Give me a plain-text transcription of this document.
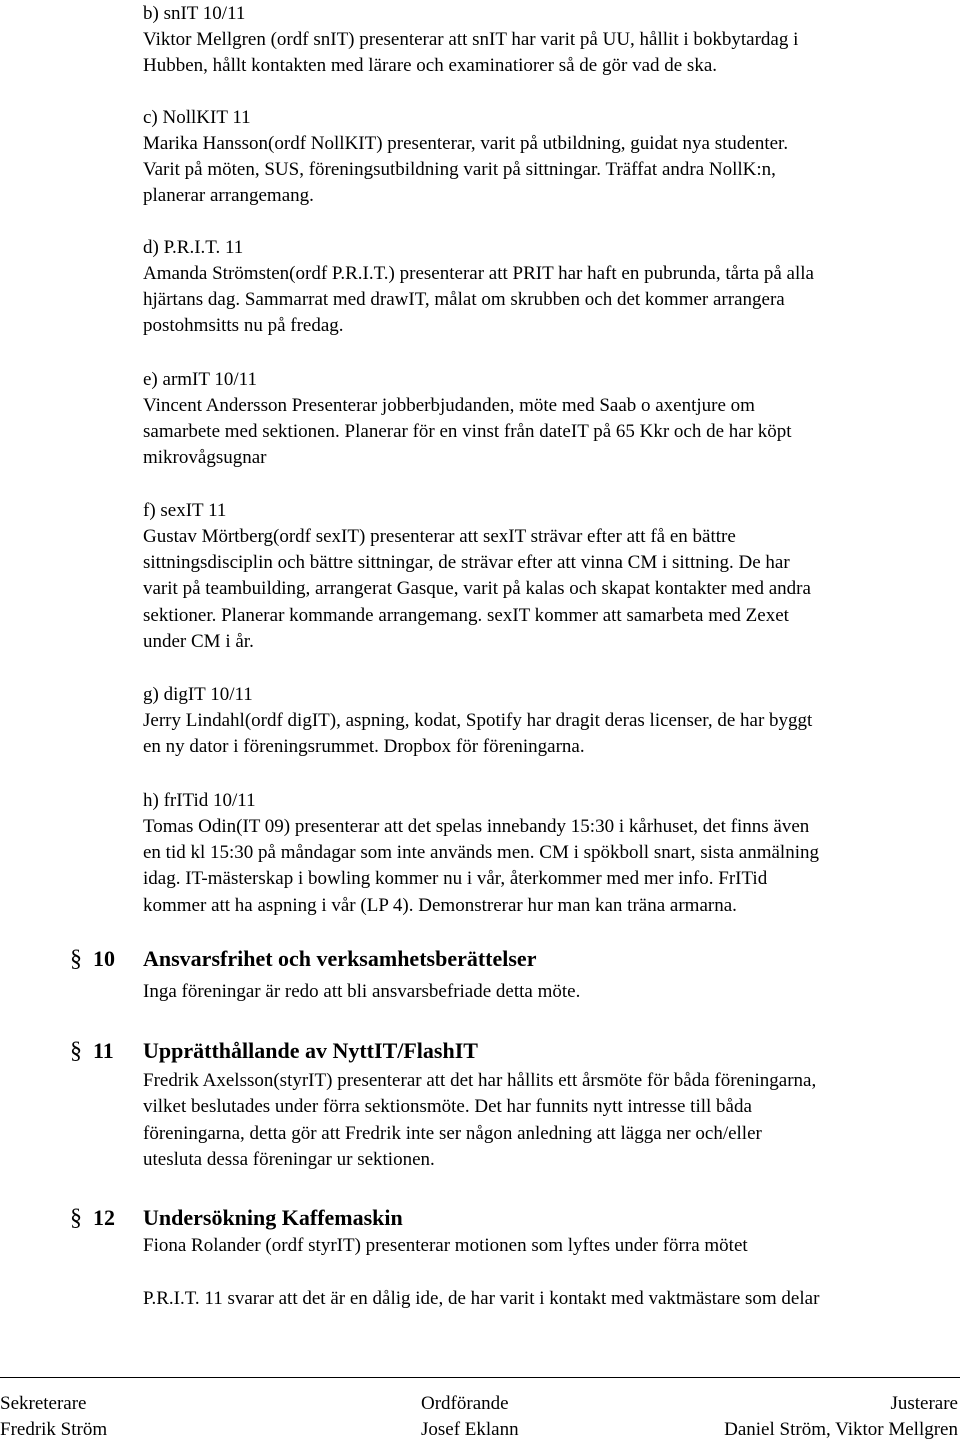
b) snIT 10/11
Viktor Mellgren (ordf snIT) presenterar att snIT har varit på UU, hållit i bokbytardag i
Hubben, hållt kontakten med lärare och examinatiorer så de gör vad de ska.
c) NollKIT 11
Marika Hansson(ordf NollKIT) presenterar, varit på utbildning, guidat nya studenter.
Varit på möten, SUS, föreningsutbildning varit på sittningar. Träffat andra NollK:n,
planerar arrangemang.
d) P.R.I.T. 11
Amanda Strömsten(ordf P.R.I.T.) presenterar att PRIT har haft en pubrunda, tårta på alla
hjärtans dag. Sammarrat med drawIT, målat om skrubben och det kommer arrangera
postohmsitts nu på fredag.
e) armIT 10/11
Vincent Andersson Presenterar jobberbjudanden, möte med Saab o axentjure om
samarbete med sektionen. Planerar för en vinst från dateIT på 65 Kkr och de har köpt
mikrovågsugnar
f) sexIT 11
Gustav Mörtberg(ordf sexIT) presenterar att sexIT strävar efter att få en bättre
sittningsdisciplin och bättre sittningar, de strävar efter att vinna CM i sittning. De har
varit på teambuilding, arrangerat Gasque, varit på kalas och skapat kontakter med andra
sektioner. Planerar kommande arrangemang. sexIT kommer att samarbeta med Zexet
under CM i år.
g) digIT 10/11
Jerry Lindahl(ordf digIT), aspning, kodat, Spotify har dragit deras licenser, de har byggt
en ny dator i föreningsrummet. Dropbox för föreningarna.
h) frITid 10/11
Tomas Odin(IT 09) presenterar att det spelas innebandy 15:30 i kårhuset, det finns även
en tid kl 15:30 på måndagar som inte används men. CM i spökboll snart, sista anmälning
idag. IT-mästerskap i bowling kommer nu i vår, återkommer med mer info. FrITid
kommer att ha aspning i vår (LP 4). Demonstrerar hur man kan träna armarna.
§ 10 Ansvarsfrihet och verksamhetsberättelser
Inga föreningar är redo att bli ansvarsbefriade detta möte.
§ 11 Upprätthållande av NyttIT/FlashIT
Fredrik Axelsson(styrIT) presenterar att det har hållits ett årsmöte för båda föreningarna,
vilket beslutades under förra sektionsmöte. Det har funnits nytt intresse till båda
föreningarna, detta gör att Fredrik inte ser någon anledning att lägga ner och/eller
utesluta dessa föreningar ur sektionen.
§ 12 Undersökning Kaffemaskin
Fiona Rolander (ordf styrIT) presenterar motionen som lyftes under förra mötet
P.R.I.T. 11 svarar att det är en dålig ide, de har varit i kontakt med vaktmästare som delar
Sekreterare
Fredrik Ström
Ordförande
Josef Eklann
Justerare
Daniel Ström, Viktor Mellgren
